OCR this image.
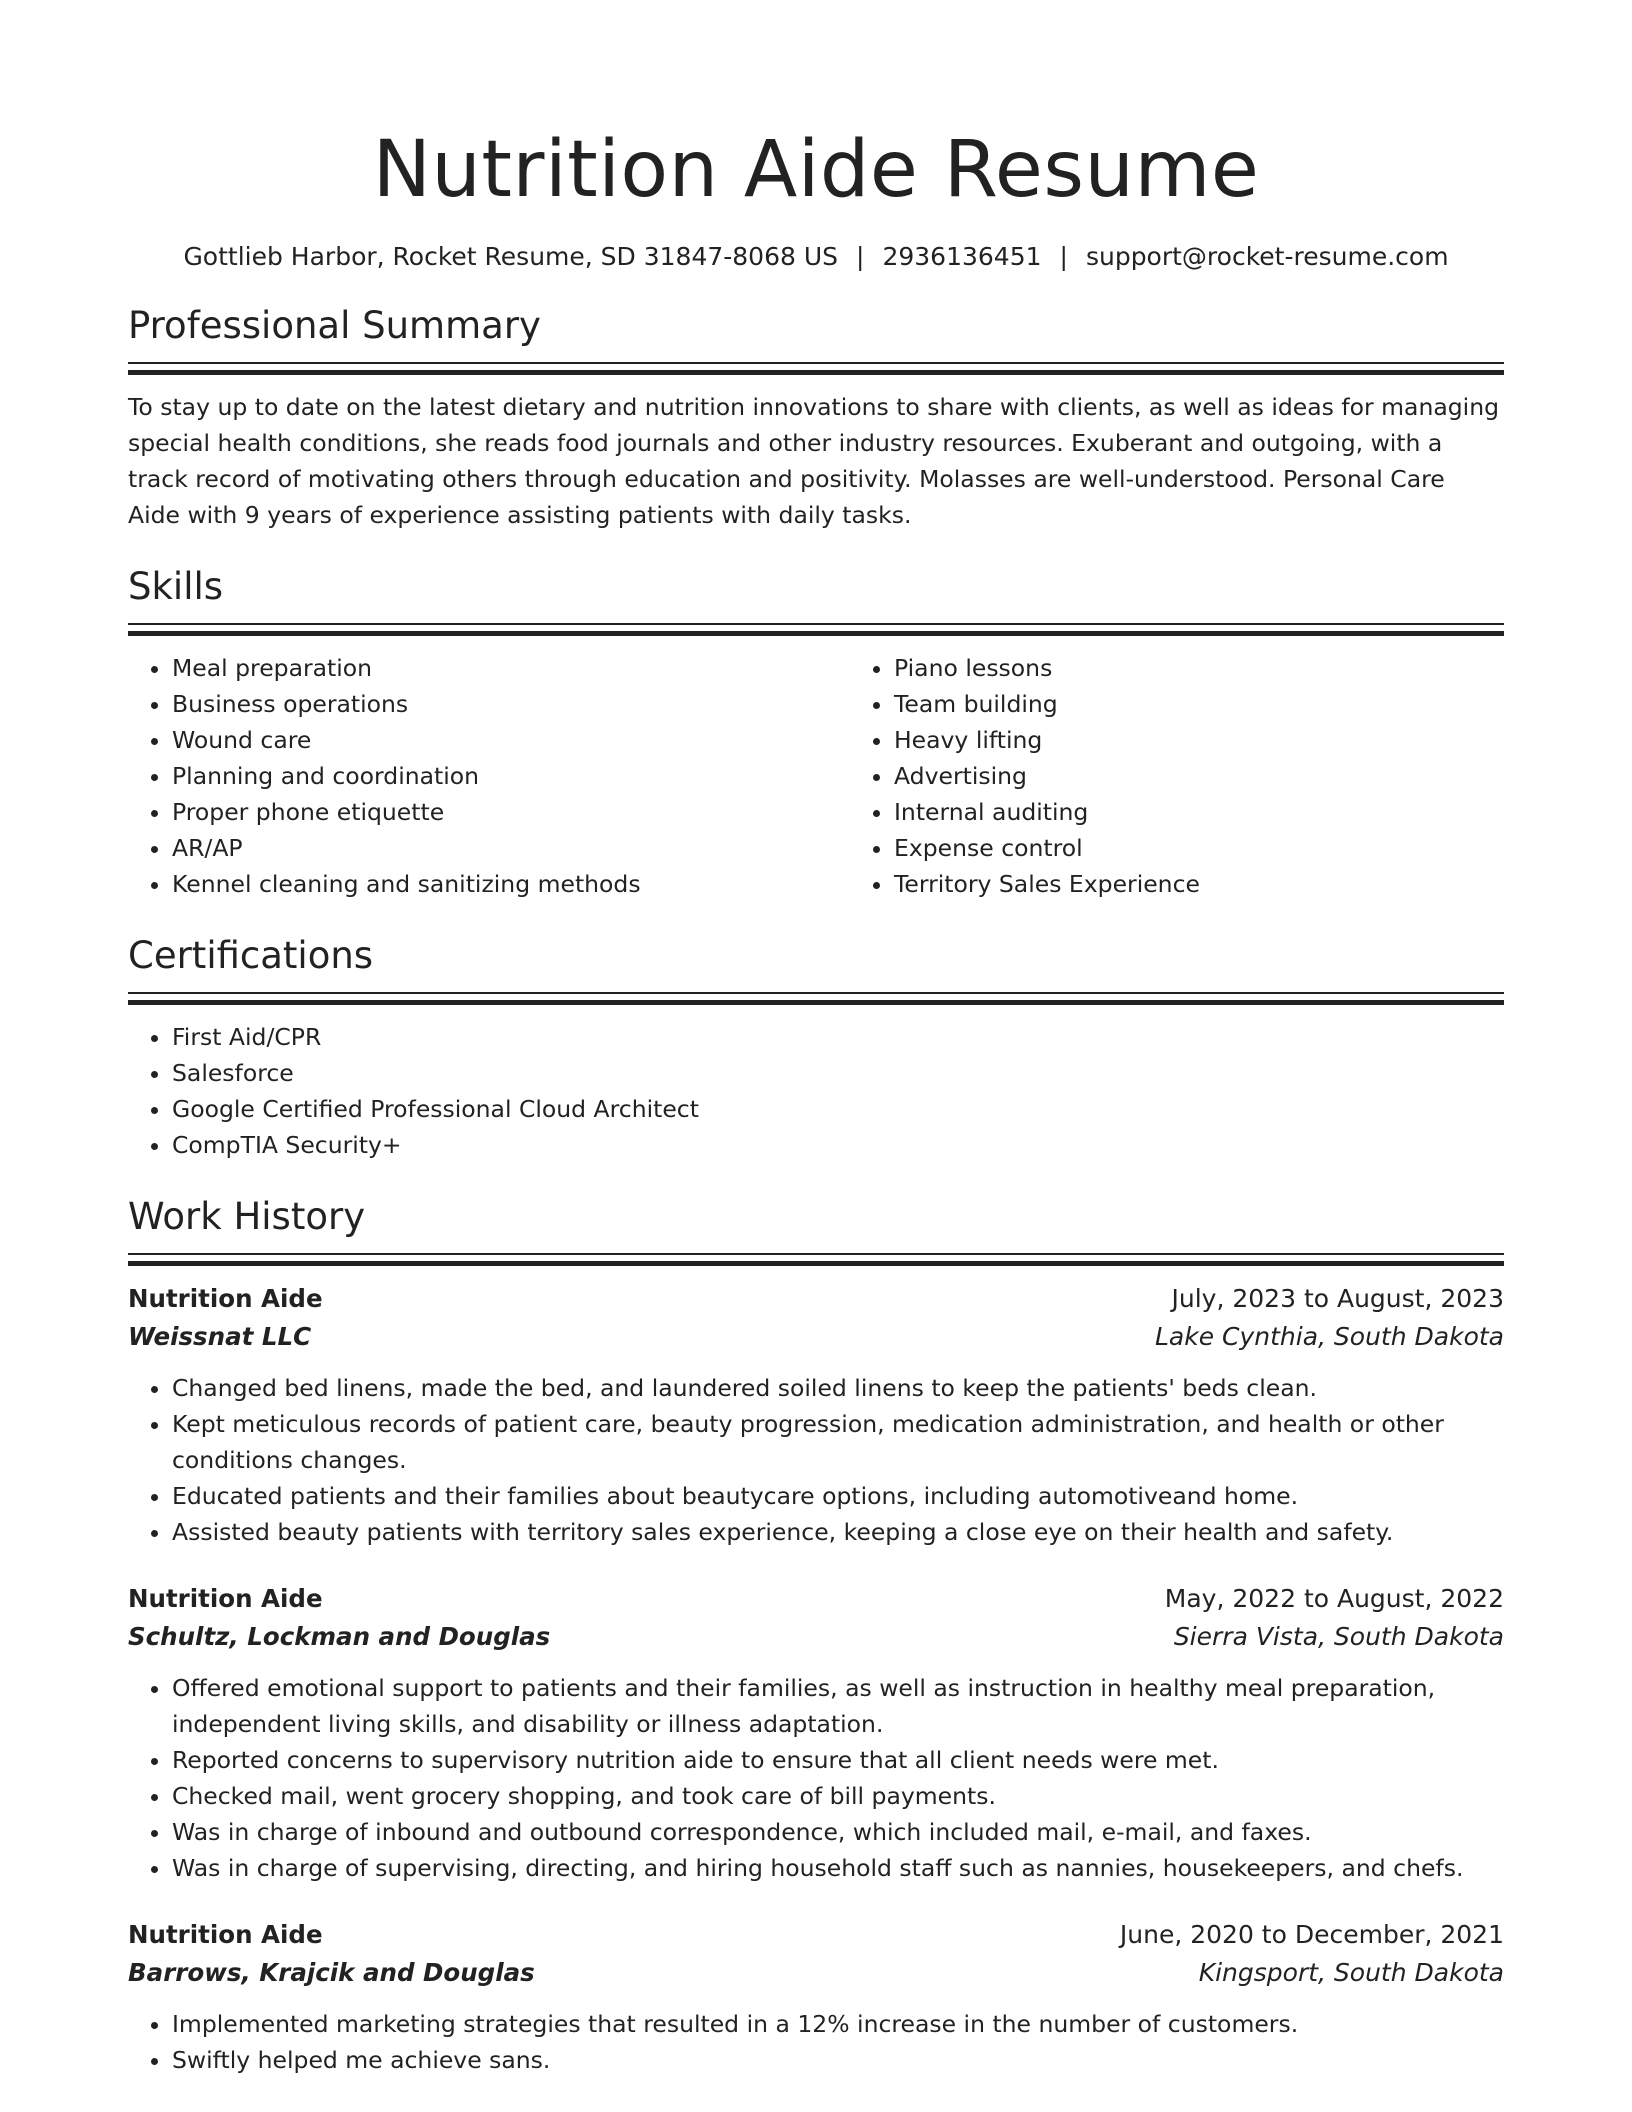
Nutrition Aide Resume
Gottlieb Harbor, Rocket Resume, SD 31847-8068 US | 2936136451 | support@rocket-resume.com
Professional Summary
To stay up to date on the latest dietary and nutrition innovations to share with clients, as well as ideas for managing special health conditions, she reads food journals and other industry resources. Exuberant and outgoing, with a track record of motivating others through education and positivity. Molasses are well-understood. Personal Care Aide with 9 years of experience assisting patients with daily tasks.
Skills
• Meal preparation
• Business operations
• Wound care
• Planning and coordination
• Proper phone etiquette
• AR/AP
• Kennel cleaning and sanitizing methods
• Piano lessons
• Team building
• Heavy lifting
• Advertising
• Internal auditing
• Expense control
• Territory Sales Experience
Certifications
• First Aid/CPR
• Salesforce
• Google Certified Professional Cloud Architect
• CompTIA Security+
Work History
Nutrition Aide	July, 2023 to August, 2023
Weissnat LLC	Lake Cynthia, South Dakota
• Changed bed linens, made the bed, and laundered soiled linens to keep the patients' beds clean.
• Kept meticulous records of patient care, beauty progression, medication administration, and health or other conditions changes.
• Educated patients and their families about beautycare options, including automotiveand home.
• Assisted beauty patients with territory sales experience, keeping a close eye on their health and safety.
Nutrition Aide	May, 2022 to August, 2022
Schultz, Lockman and Douglas	Sierra Vista, South Dakota
• Offered emotional support to patients and their families, as well as instruction in healthy meal preparation, independent living skills, and disability or illness adaptation.
• Reported concerns to supervisory nutrition aide to ensure that all client needs were met.
• Checked mail, went grocery shopping, and took care of bill payments.
• Was in charge of inbound and outbound correspondence, which included mail, e-mail, and faxes.
• Was in charge of supervising, directing, and hiring household staff such as nannies, housekeepers, and chefs.
Nutrition Aide	June, 2020 to December, 2021
Barrows, Krajcik and Douglas	Kingsport, South Dakota
• Implemented marketing strategies that resulted in a 12% increase in the number of customers.
• Swiftly helped me achieve sans.
